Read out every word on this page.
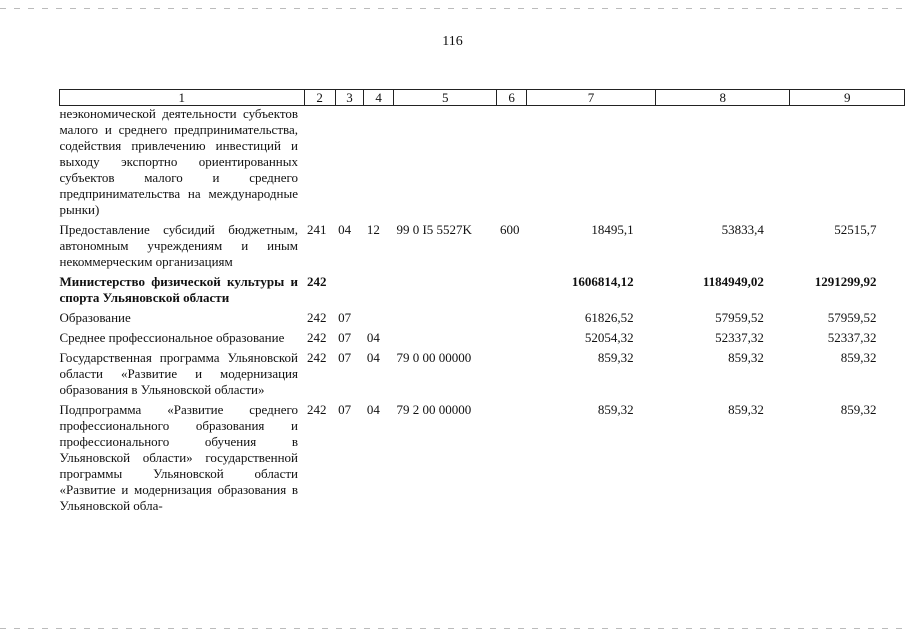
116
1	2	3	4	5	6	7	8	9
неэкономической деятельности субъектов малого и среднего предпринимательства, содействия привлечению инвестиций и выходу экспортно ориентированных субъектов малого и среднего предпринимательства на международные рынки)								
Предоставление субсидий бюджетным, автономным учреждениям и иным некоммерческим организациям	241	04	12	99 0 I5 5527K	600	18495,1	53833,4	52515,7
Министерство физической культуры и спорта Ульяновской области	242					1606814,12	1184949,02	1291299,92
Образование	242	07				61826,52	57959,52	57959,52
Среднее профессиональное образование	242	07	04			52054,32	52337,32	52337,32
Государственная программа Ульяновской области «Развитие и модернизация образования в Ульяновской области»	242	07	04	79 0 00 00000		859,32	859,32	859,32
Подпрограмма «Развитие среднего профессионального образования и профессионального обучения в Ульяновской области» государственной программы Ульяновской области «Развитие и модернизация образования в Ульяновской обла-	242	07	04	79 2 00 00000		859,32	859,32	859,32
